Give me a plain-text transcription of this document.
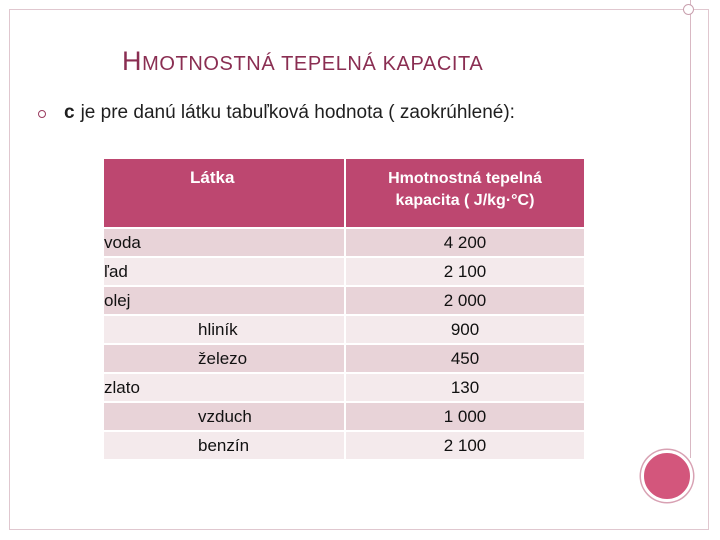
HMOTNOSTNÁ TEPELNÁ KAPACITA
c je pre danú látku tabuľková hodnota ( zaokrúhlené):
Látka	Hmotnostná tepelná
kapacita ( J/kg·°C)

voda	4 200
ľad	2 100
olej	2 000
hliník	900
železo	450
zlato	130
vzduch	1 000
benzín	2 100
